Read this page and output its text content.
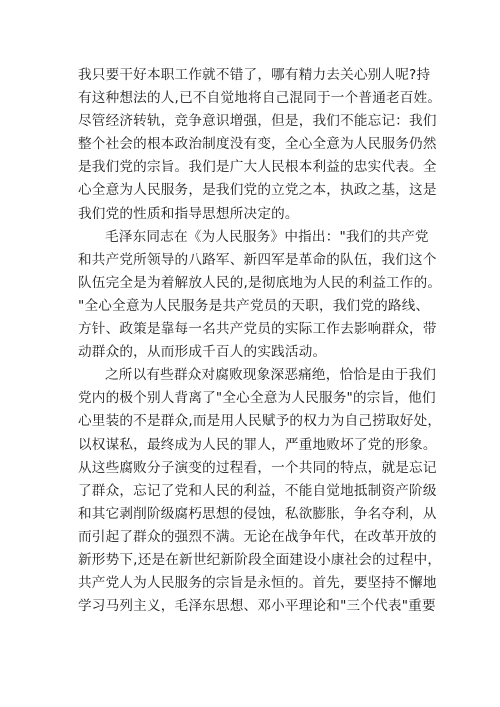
我只要干好本职工作就不错了，哪有精力去关心别人呢?持
有这种想法的人,已不自觉地将自己混同于一个普通老百姓。
尽管经济转轨，竞争意识增强，但是，我们不能忘记：我们
整个社会的根本政治制度没有变，全心全意为人民服务仍然
是我们党的宗旨。我们是广大人民根本利益的忠实代表。全
心全意为人民服务，是我们党的立党之本，执政之基，这是
我们党的性质和指导思想所决定的。
毛泽东同志在《为人民服务》中指出："我们的共产党
和共产党所领导的八路军、新四军是革命的队伍，我们这个
队伍完全是为着解放人民的,是彻底地为人民的利益工作的。
"全心全意为人民服务是共产党员的天职，我们党的路线、
方针、政策是靠每一名共产党员的实际工作去影响群众，带
动群众的，从而形成千百人的实践活动。
之所以有些群众对腐败现象深恶痛绝，恰恰是由于我们
党内的极个别人背离了"全心全意为人民服务"的宗旨，他们
心里装的不是群众,而是用人民赋予的权力为自己捞取好处，
以权谋私，最终成为人民的罪人，严重地败坏了党的形象。
从这些腐败分子演变的过程看，一个共同的特点，就是忘记
了群众，忘记了党和人民的利益，不能自觉地抵制资产阶级
和其它剥削阶级腐朽思想的侵蚀，私欲膨胀，争名夺利，从
而引起了群众的强烈不满。无论在战争年代，在改革开放的
新形势下,还是在新世纪新阶段全面建设小康社会的过程中，
共产党人为人民服务的宗旨是永恒的。首先，要坚持不懈地
学习马列主义，毛泽东思想、邓小平理论和"三个代表"重要
